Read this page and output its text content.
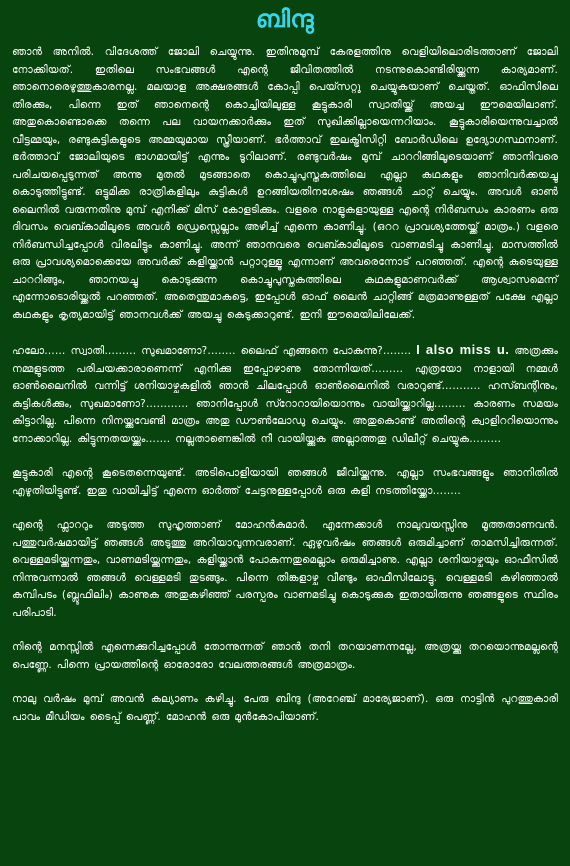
ബിന്ദു
ഞാൻ അനിൽ. വിദേശത്ത് ജോലി ചെയ്യുന്നു. ഇതിനുമുമ്പ് കേരളത്തിനു വെളിയിലൊരിടത്താണ് ജോലി നോക്കിയത്. ഇതിലെ സംഭവങ്ങൾ എന്റെ ജീവിതത്തിൽ നടന്നുകൊണ്ടിരിയ്ക്കുന്ന കാര്യമാണ്. ഞാനൊരെഴുത്തുകാരനല്ല. മലയാള അക്ഷരങ്ങൾ കോപ്പി പെയ്സറ്റു ചെയ്യുകയാണ് ചെയ്തത്. ഓഫിസിലെ തിരക്കും, പിന്നെ ഇത് ഞാനെന്റെ കൊച്ചിയിലുള്ള കൂട്ടുകാരി സ്വാതിയ്ക്ക് അയച്ച ഈമെയിലാണ്. അതുകൊണ്ടൊക്കെ തന്നെ പല വായനക്കാർക്കും ഇത് സുഖിക്കില്ലായെന്നറിയാം. കൂട്ടുകാരിയെന്നുവച്ചാൽ വീട്ടമ്മയും, രണ്ടുകുട്ടികളുടെ അമ്മയുമായ സ്ത്രീയാണ്. ഭർത്താവ് ഇലക്ട്രിസിറ്റി ബോർഡിലെ ഉദ്യോഗസ്ഥനാണ്. ഭർത്താവ് ജോലിയുടെ ഭാഗമായിട്ട് എന്നും ടൂറിലാണ്. രണ്ടുവർഷം മുമ്പ് ചാററിങ്ങിലൂടെയാണ് ഞാനിവരെ പരിചയപ്പെടുന്നത് അന്നു മുതൽ മുടങ്ങാതെ കൊച്ചുപുസ്തകത്തിലെ എല്ലാ കഥകളും ഞാനിവർക്കയച്ചു കൊടുത്തിട്ടുണ്ട്. ഒട്ടുമിക്ക രാത്രികളിലും കുട്ടികൾ ഉറങ്ങിയതിനശേഷം ഞങ്ങൾ ചാറ്റ് ചെയ്യും. അവൾ ഓൺ ലൈനിൽ വരുന്നതിനു മുമ്പ് എനിക്ക് മിസ് കോളടിക്കും. വളരെ നാളുകളായുള്ള എന്റെ നിർബന്ധം കാരണം ഒരു ദിവസം വെബ്കാമിലൂടെ അവൾ ഡ്രെസ്സെല്ലാം അഴിച്ച് എന്നെ കാണിച്ചു. (ഒററ പ്രാവശ്യത്തേയ്ക്ക് മാത്രം.) വളരെ നിർബന്ധിച്ചപ്പോൾ വിരലിട്ടും കാണിച്ചു. അന്ന് ഞാനവരെ വെബ്കാമിലൂടെ വാണമടിച്ചു കാണിച്ചു. മാസത്തിൽ ഒരു പ്രാവശ്യമൊക്കെയേ അവർക്ക് കളിയ്ക്കാൻ പറ്റാറുള്ളൂ എന്നാണ് അവരെന്നോട് പറഞ്ഞത്. എന്റെ കുടെയുള്ള ചാററിങ്ങും, ഞാനയച്ചു കൊടുക്കുന്ന കൊച്ചുപുസ്തകത്തിലെ കഥകളുമാണവർക്ക് ആശ്വാസമെന്ന് എന്നോടൊരിയ്ക്കൽ പറഞ്ഞത്. അതെന്തുമാകട്ടെ, ഇപ്പോൾ ഓഫ് ലൈൻ ചാറ്റിങ്ങ് മത്രമാണുള്ളത് പക്ഷേ എല്ലാ കഥകളും കൃത്യമായിട്ട് ഞാനവൾക്ക് അയച്ചു കെടുക്കാറുണ്ട്. ഇനി ഈമെയിലിലേക്ക്.
ഹലോ…… സ്വാതി……… സുഖമാണോ?…….. ലൈഫ് എങ്ങനെ പോകുന്നു?…….. I also miss u. അത്രക്കും നമ്മളുടത്ത പരിചയക്കാരാണെന്ന് എനിക്കു ഇപ്പോഴാണു തോന്നിയത്……… എത്രയോ നാളായി നമ്മൾ ഓൺലൈനിൽ വന്നിട്ട് ശനിയാഴ്ചകളിൽ ഞാൻ ചിലപ്പോൾ ഓൺലൈനിൽ വരാറുണ്ട്……….. ഹസ്ബന്റിനും, കുട്ടികൾക്കും, സുഖമാണോ?………… ഞാനിപ്പോൾ സ്റോറായിയൊന്നും വായിയ്ക്കാറില്ല……… കാരണം സമയം കിട്ടാറില്ല. പിന്നെ നിനയ്ക്കുവേണ്ടി മാത്രം അതു ഡൗൺലോഡു ചെയ്യും. അതുകൊണ്ട് അതിന്റെ ക്വാളിററിയൊന്നും നോക്കാറില്ല. കിട്ടുന്നതയയ്ക്കും……. നല്ലതാണെങ്കിൽ നീ വായിയ്ക്കുക അല്ലാത്തതു ഡിലീറ്റ് ചെയ്യുക………
കൂട്ടുകാരി എന്റെ കൂടെതന്നെയുണ്ട്. അടിപൊളിയായി ഞങ്ങൾ ജീവിയ്ക്കുന്നു. എല്ലാ സംഭവങ്ങളും ഞാനിതിൽ എഴുതിയിട്ടുണ്ട്. ഇതു വായിച്ചിട്ട് എന്നെ ഓർത്ത് ചേട്ടനുള്ളപ്പോൾ ഒരു കളി നടത്തിയ്ക്കോ……..
എന്റെ ഫ്ലാററും അടുത്ത സുഹൃത്താണ് മോഹൻകുമാർ. എന്നേക്കാൾ നാലുവയസ്സിനു മൂത്തതാണവൻ. പത്തുവർഷമായിട്ട് ഞങ്ങൾ അടുത്തു അറിയാവുന്നവരാണ്. ഏഴുവർഷം ഞങ്ങൾ ഒരുമിച്ചാണ് താമസിച്ചിരുന്നത്. വെള്ളമടിയ്ക്കുന്നതും, വാണമടിയ്ക്കുന്നതും, കളിയ്ക്കാൻ പോകുന്നതുമെല്ലാം ഒരുമിച്ചാണു. എല്ലാ ശനിയാഴ്ചയും ഓഫീസിൽ നിന്നുവന്നാൽ ഞങ്ങൾ വെള്ളമടി തുടങ്ങും. പിന്നെ തിങ്കളാഴ്ച വീണ്ടും ഓഫീസിലോട്ടു. വെള്ളമടി കഴിഞ്ഞാൽ കമ്പിപടം (ബ്ലൂഫിലിം) കാണുക അതുകഴിഞ്ഞ് പരസ്പരം വാണമടിച്ചു കൊടുക്കുക ഇതായിരുന്നു ഞങ്ങളുടെ സ്ഥിരം പരിപാടി.
നിന്റെ മനസ്സിൽ എന്നെക്കുറിച്ചപ്പോൾ തോന്നുന്നത് ഞാൻ തനി തറയാണന്നല്ലേ, അത്രയ്ക്കു തറയൊന്നുമല്ലന്റെ പെണ്ണേ. പിന്നെ പ്രായത്തിന്റെ ഓരോരോ വേലത്തരങ്ങൾ അത്രമാത്രം.
നാലു വർഷം മുമ്പ് അവൻ കല്യാണം കഴിച്ചു. പേരു ബിന്ദു (അറേഞ്ച് മാര്യേജാണ്). ഒരു നാട്ടിൻ പുറത്തുകാരി പാവം മീഡിയം ടൈപ്പ് പെണ്ണ്. മോഹൻ ഒരു മുൻകോപിയാണ്.
